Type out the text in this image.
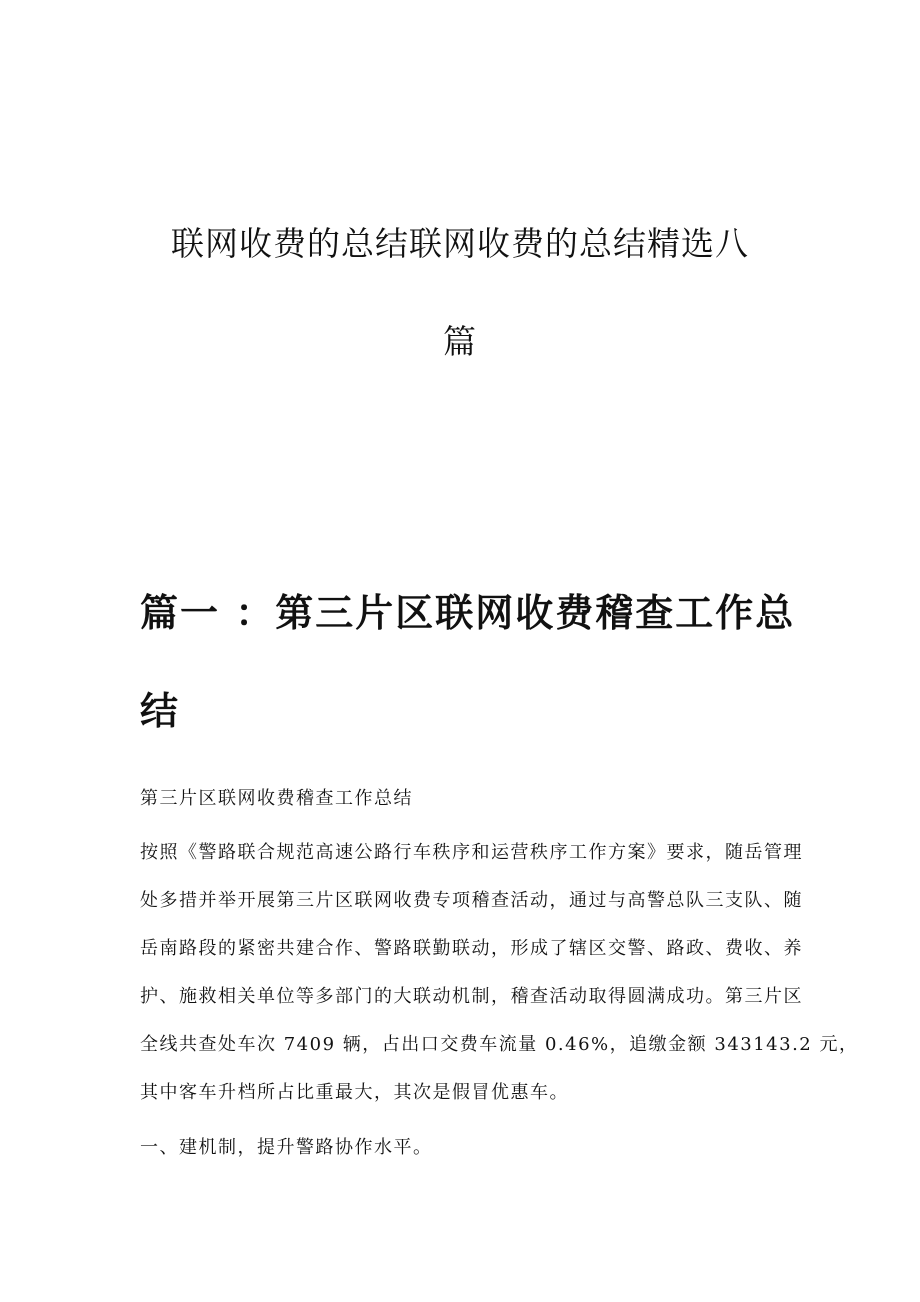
联网收费的总结联网收费的总结精选八
篇
篇一 ：第三片区联网收费稽查工作总
结
第三片区联网收费稽查工作总结
按照《警路联合规范高速公路行车秩序和运营秩序工作方案》要求，随岳管理
处多措并举开展第三片区联网收费专项稽查活动，通过与高警总队三支队、随
岳南路段的紧密共建合作、警路联勤联动，形成了辖区交警、路政、费收、养
护、施救相关单位等多部门的大联动机制，稽查活动取得圆满成功。第三片区
全线共查处车次 7409 辆，占出口交费车流量 0.46%，追缴金额 343143.2 元，
其中客车升档所占比重最大，其次是假冒优惠车。
一、建机制，提升警路协作水平。
